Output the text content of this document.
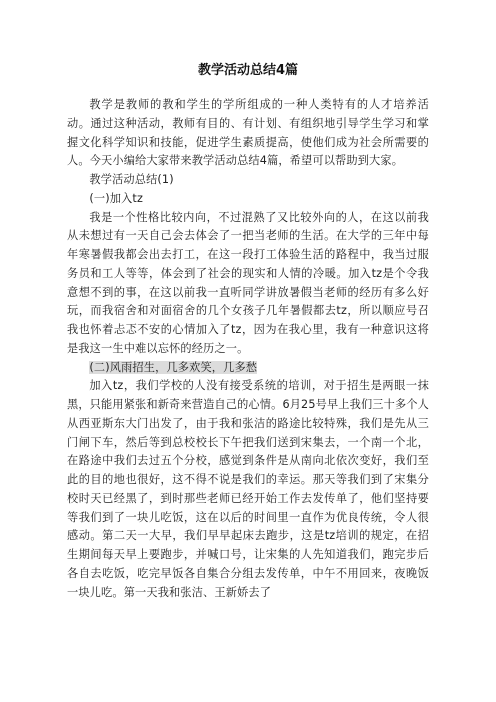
教学活动总结4篇

教学是教师的教和学生的学所组成的一种人类特有的人才培养活动。通过这种活动，教师有目的、有计划、有组织地引导学生学习和掌握文化科学知识和技能，促进学生素质提高，使他们成为社会所需要的人。今天小编给大家带来教学活动总结4篇，希望可以帮助到大家。

教学活动总结(1)

(一)加入tz

我是一个性格比较内向，不过混熟了又比较外向的人，在这以前我从未想过有一天自己会去体会了一把当老师的生活。在大学的三年中每年寒暑假我都会出去打工，在这一段打工体验生活的路程中，我当过服务员和工人等等，体会到了社会的现实和人情的冷暖。加入tz是个令我意想不到的事，在这以前我一直听同学讲放暑假当老师的经历有多么好玩，而我宿舍和对面宿舍的几个女孩子几年暑假都去tz，所以顺应号召我也怀着忐忑不安的心情加入了tz，因为在我心里，我有一种意识这将是我这一生中难以忘怀的经历之一。

(二)风雨招生，几多欢笑，几多愁

加入tz，我们学校的人没有接受系统的培训，对于招生是两眼一抹黑，只能用紧张和新奇来营造自己的心情。6月25号早上我们三十多个人从西亚斯东大门出发了，由于我和张洁的路途比较特殊，我们是先从三门闸下车，然后等到总校校长下午把我们送到宋集去，一个南一个北，在路途中我们去过五个分校，感觉到条件是从南向北依次变好，我们至此的目的地也很好，这不得不说是我们的幸运。那天等我们到了宋集分校时天已经黑了，到时那些老师已经开始工作去发传单了，他们坚持要等我们到了一块儿吃饭，这在以后的时间里一直作为优良传统，令人很感动。第二天一大早，我们早早起床去跑步，这是tz培训的规定，在招生期间每天早上要跑步，并喊口号，让宋集的人先知道我们，跑完步后各自去吃饭，吃完早饭各自集合分组去发传单，中午不用回来，夜晚饭一块儿吃。第一天我和张洁、王新娇去了
